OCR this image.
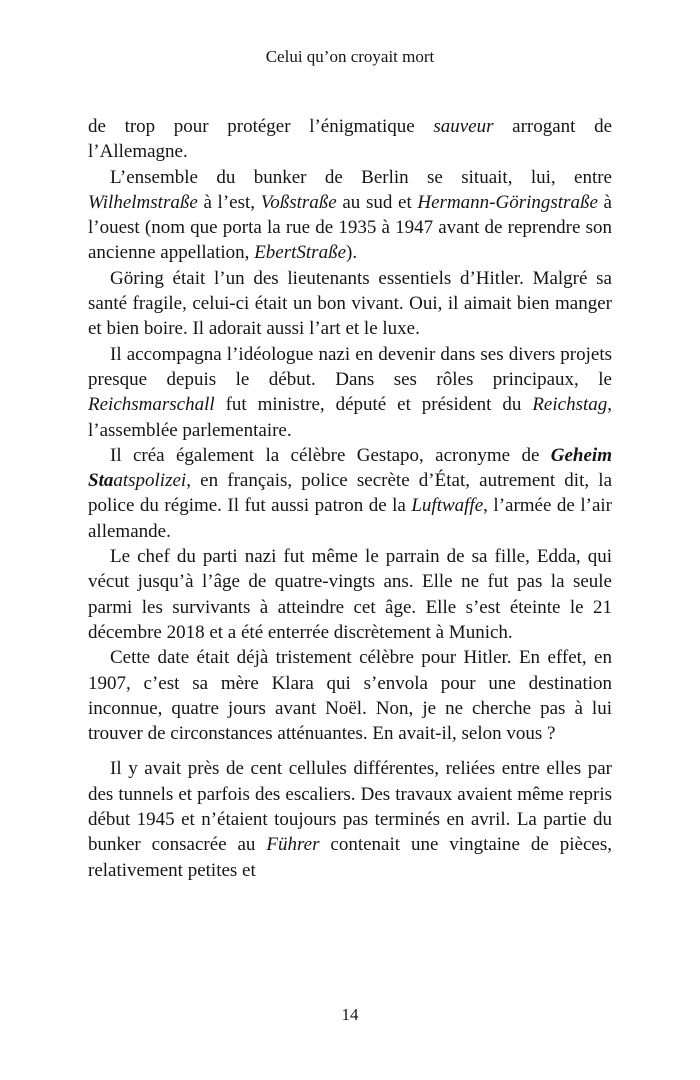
Celui qu’on croyait mort

de trop pour protéger l’énigmatique sauveur arrogant de l’Allemagne.

L’ensemble du bunker de Berlin se situait, lui, entre Wilhelmstraße à l’est, Voßstraße au sud et Hermann-Göringstraße à l’ouest (nom que porta la rue de 1935 à 1947 avant de reprendre son ancienne appellation, EbertStraße).

Göring était l’un des lieutenants essentiels d’Hitler. Malgré sa santé fragile, celui-ci était un bon vivant. Oui, il aimait bien manger et bien boire. Il adorait aussi l’art et le luxe.

Il accompagna l’idéologue nazi en devenir dans ses divers projets presque depuis le début. Dans ses rôles principaux, le Reichsmarschall fut ministre, député et président du Reichstag, l’assemblée parlementaire.

Il créa également la célèbre Gestapo, acronyme de Geheim Staatspolizei, en français, police secrète d’État, autrement dit, la police du régime. Il fut aussi patron de la Luftwaffe, l’armée de l’air allemande.

Le chef du parti nazi fut même le parrain de sa fille, Edda, qui vécut jusqu’à l’âge de quatre-vingts ans. Elle ne fut pas la seule parmi les survivants à atteindre cet âge. Elle s’est éteinte le 21 décembre 2018 et a été enterrée discrètement à Munich.

Cette date était déjà tristement célèbre pour Hitler. En effet, en 1907, c’est sa mère Klara qui s’envola pour une destination inconnue, quatre jours avant Noël. Non, je ne cherche pas à lui trouver de circonstances atténuantes. En avait-il, selon vous ?

Il y avait près de cent cellules différentes, reliées entre elles par des tunnels et parfois des escaliers. Des travaux avaient même repris début 1945 et n’étaient toujours pas terminés en avril. La partie du bunker consacrée au Führer contenait une vingtaine de pièces, relativement petites et

14
